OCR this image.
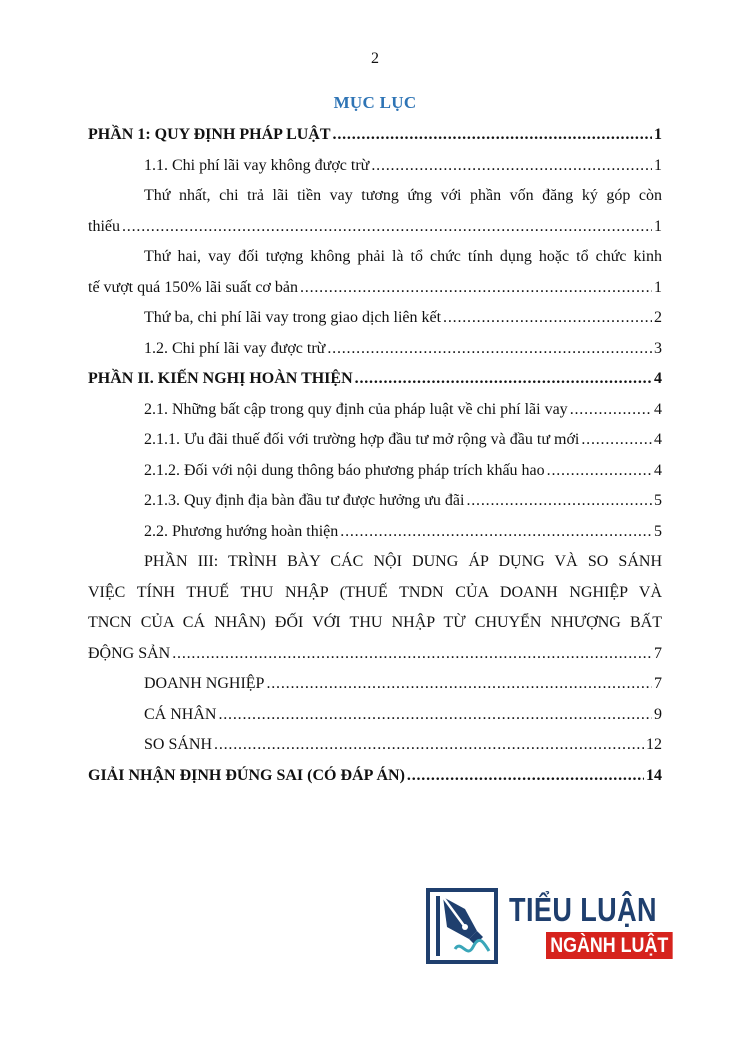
2
MỤC LỤC
PHẦN 1: QUY ĐỊNH PHÁP LUẬT . . .	1
1.1. Chi phí lãi vay không được trừ . . .	1
Thứ nhất, chi trả lãi tiền vay tương ứng với phần vốn đăng ký góp còn
thiếu . . .	1
Thứ hai, vay đối tượng không phải là tổ chức tính dụng hoặc tổ chức kinh
tế vượt quá 150% lãi suất cơ bản . . .	1
Thứ ba, chi phí lãi vay trong giao dịch liên kết . . .	2
1.2. Chi phí lãi vay được trừ . . .	3
PHẦN II. KIẾN NGHỊ HOÀN THIỆN . . .	4
2.1. Những bất cập trong quy định của pháp luật về chi phí lãi vay . . .	4
2.1.1. Ưu đãi thuế đối với trường hợp đầu tư mở rộng và đầu tư mới . . .	4
2.1.2. Đối với nội dung thông báo phương pháp trích khấu hao . . .	4
2.1.3. Quy định địa bàn đầu tư được hưởng ưu đãi . . .	5
2.2. Phương hướng hoàn thiện . . .	5
PHẦN III: TRÌNH BÀY CÁC NỘI DUNG ÁP DỤNG VÀ SO SÁNH
VIỆC TÍNH THUẾ THU NHẬP (THUẾ TNDN CỦA DOANH NGHIỆP VÀ
TNCN CỦA CÁ NHÂN) ĐỐI VỚI THU NHẬP TỪ CHUYỂN NHƯỢNG BẤT
ĐỘNG SẢN . . .	7
DOANH NGHIỆP . . .	7
CÁ NHÂN . . .	9
SO SÁNH . . .	12
GIẢI NHẬN ĐỊNH ĐÚNG SAI (CÓ ĐÁP ÁN) . . .	14
TIỂU LUẬN
NGÀNH LUẬT
